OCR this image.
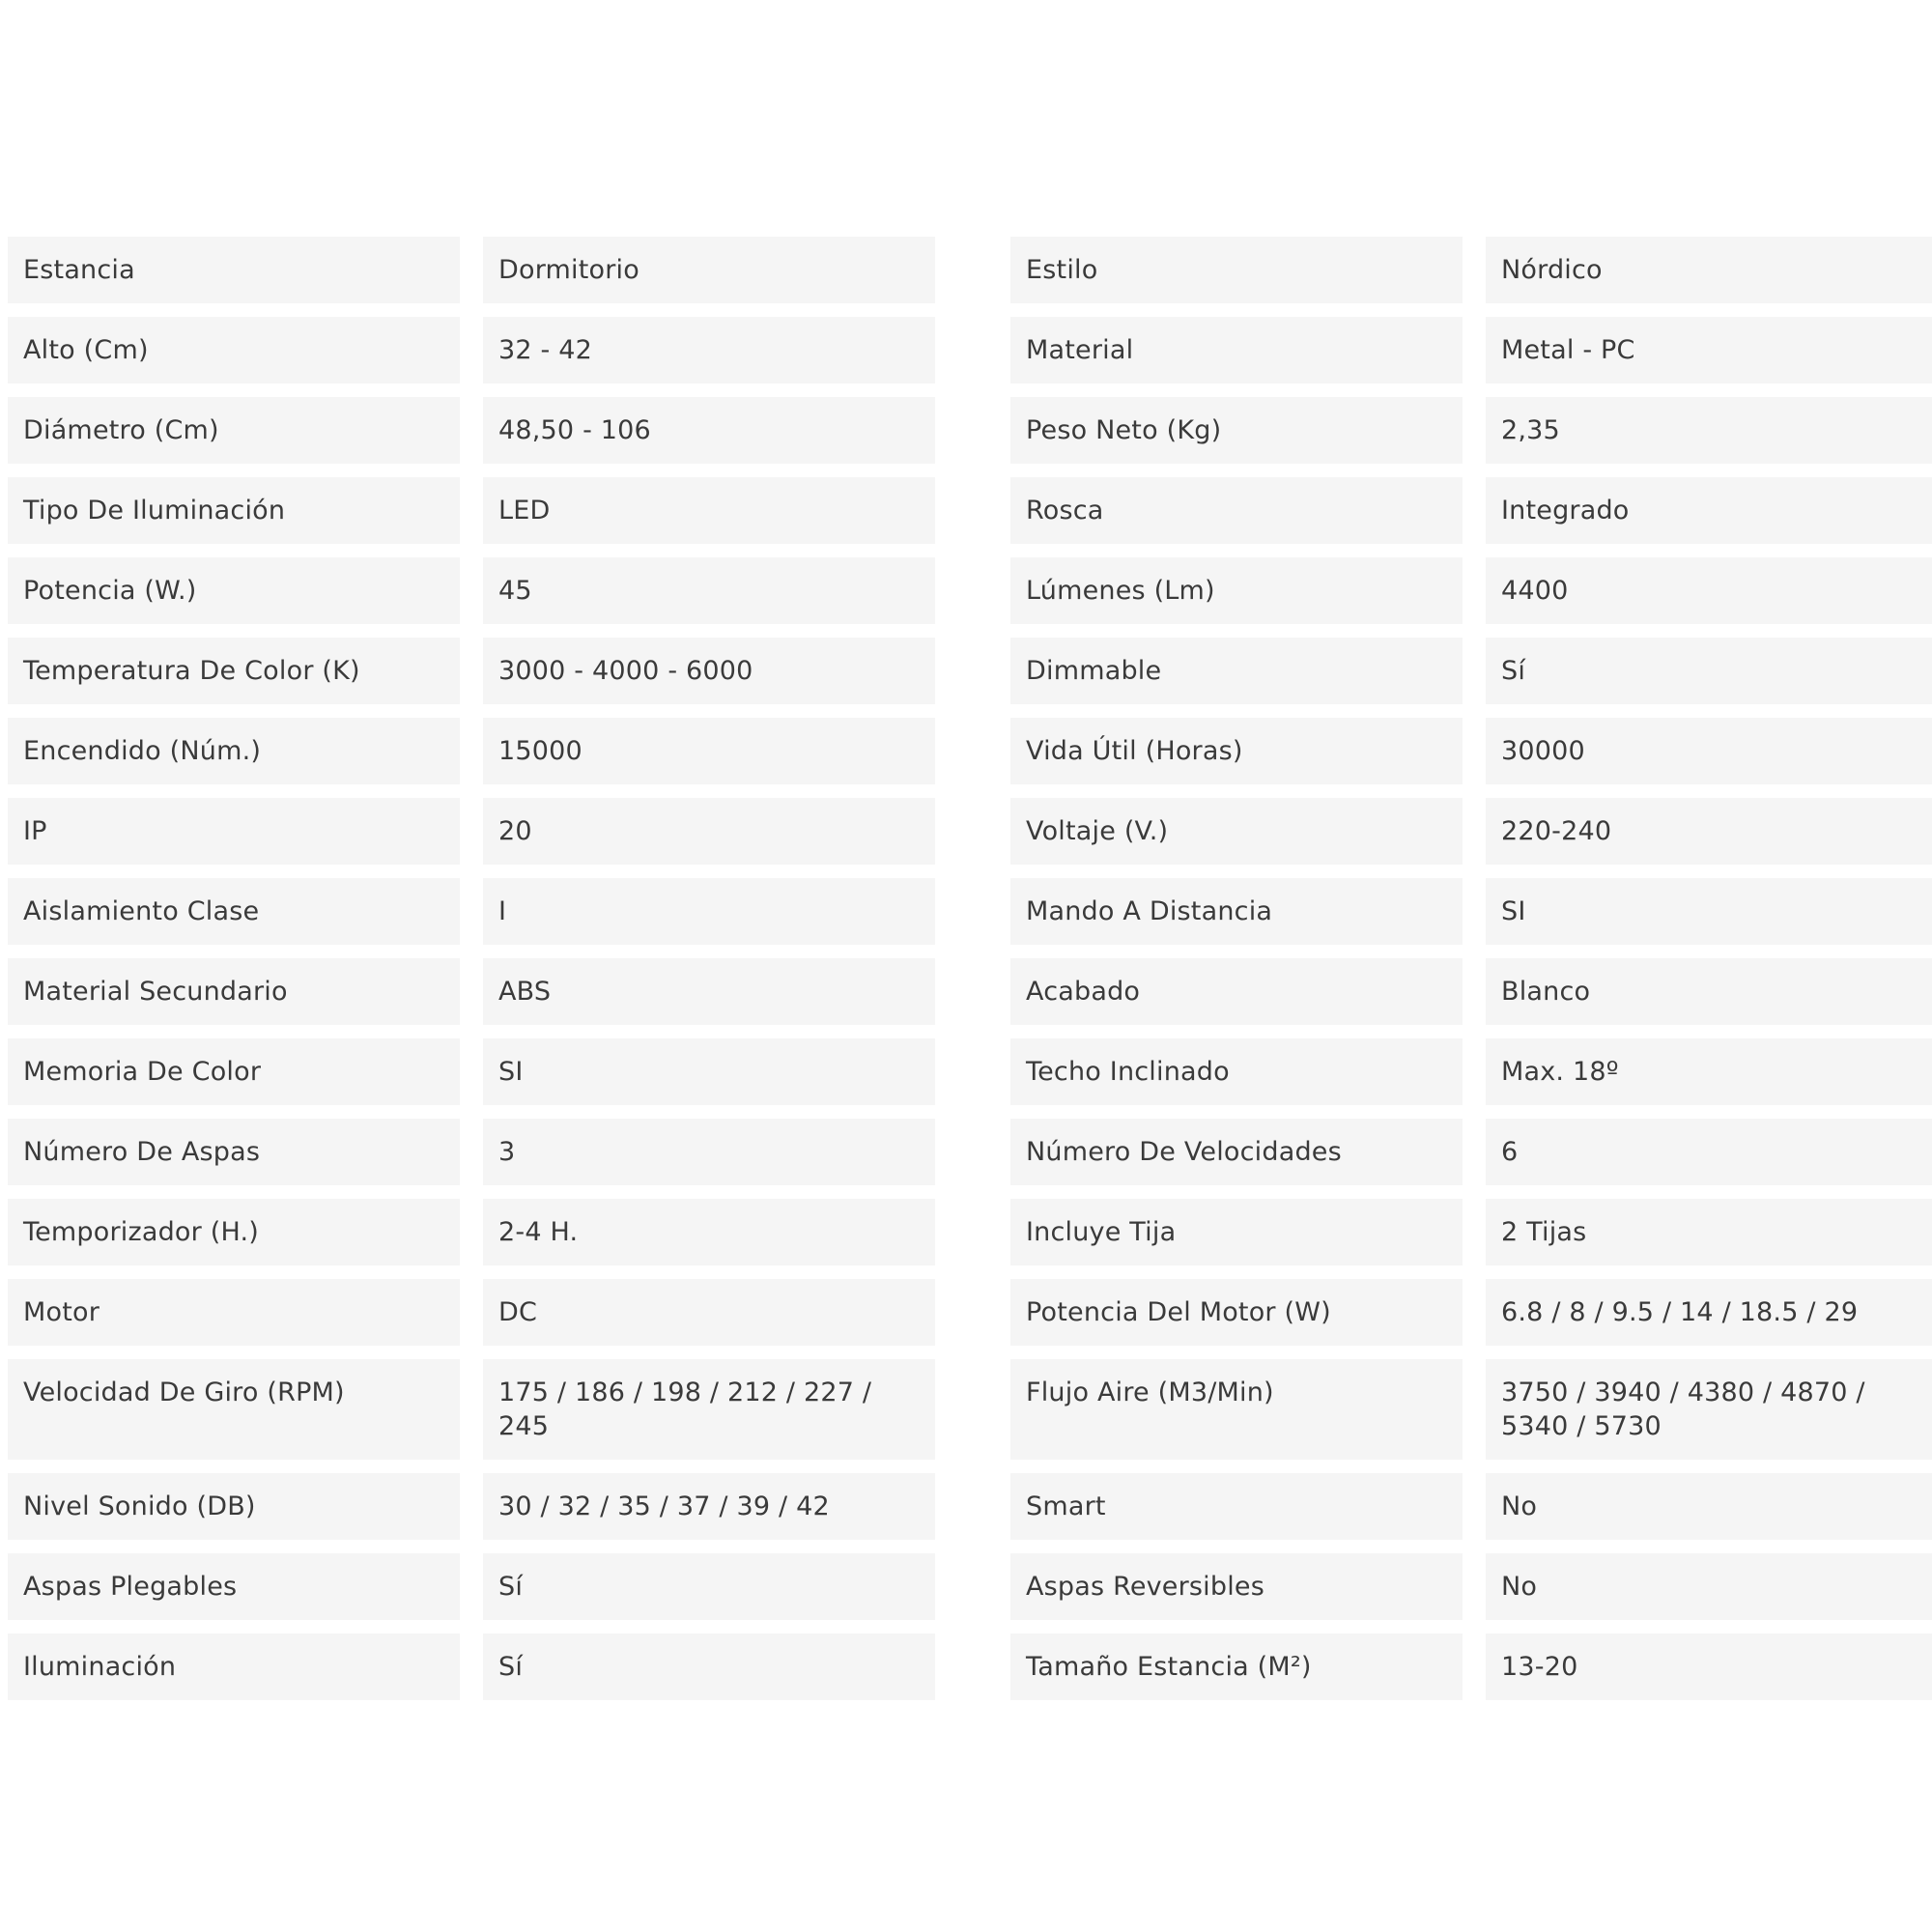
Estancia	Dormitorio
Alto (Cm)	32 - 42
Diámetro (Cm)	48,50 - 106
Tipo De Iluminación	LED
Potencia (W.)	45
Temperatura De Color (K)	3000 - 4000 - 6000
Encendido (Núm.)	15000
IP	20
Aislamiento Clase	I
Material Secundario	ABS
Memoria De Color	SI
Número De Aspas	3
Temporizador (H.)	2-4 H.
Motor	DC
Velocidad De Giro (RPM)	175 / 186 / 198 / 212 / 227 / 245
Nivel Sonido (DB)	30 / 32 / 35 / 37 / 39 / 42
Aspas Plegables	Sí
Iluminación	Sí
Estilo	Nórdico
Material	Metal - PC
Peso Neto (Kg)	2,35
Rosca	Integrado
Lúmenes (Lm)	4400
Dimmable	Sí
Vida Útil (Horas)	30000
Voltaje (V.)	220-240
Mando A Distancia	SI
Acabado	Blanco
Techo Inclinado	Max. 18º
Número De Velocidades	6
Incluye Tija	2 Tijas
Potencia Del Motor (W)	6.8 / 8 / 9.5 / 14 / 18.5 / 29
Flujo Aire (M3/Min)	3750 / 3940 / 4380 / 4870 / 5340 / 5730
Smart	No
Aspas Reversibles	No
Tamaño Estancia (M²)	13-20
